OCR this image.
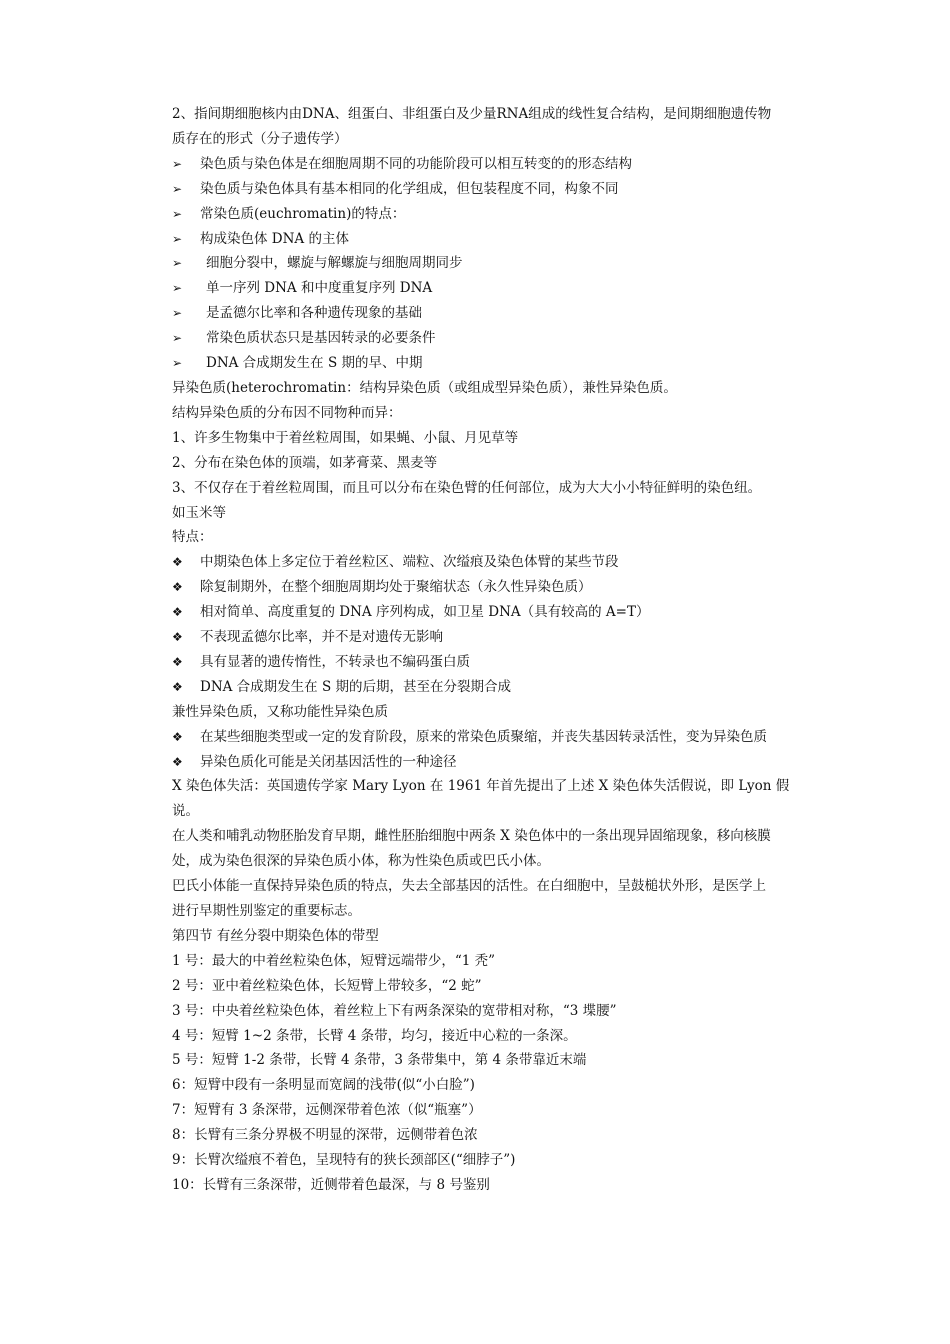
2、指间期细胞核内由DNA、组蛋白、非组蛋白及少量RNA组成的线性复合结构，是间期细胞遗传物

质存在的形式（分子遗传学）

➢ 染色质与染色体是在细胞周期不同的功能阶段可以相互转变的的形态结构

➢ 染色质与染色体具有基本相同的化学组成，但包装程度不同，构象不同

➢ 常染色质(euchromatin)的特点：

➢ 构成染色体 DNA 的主体

➢ 细胞分裂中，螺旋与解螺旋与细胞周期同步

➢ 单一序列 DNA 和中度重复序列 DNA

➢ 是孟德尔比率和各种遗传现象的基础

➢ 常染色质状态只是基因转录的必要条件

➢ DNA 合成期发生在 S 期的早、中期

异染色质(heterochromatin：结构异染色质（或组成型异染色质），兼性异染色质。

结构异染色质的分布因不同物种而异：

1、许多生物集中于着丝粒周围，如果蝇、小鼠、月见草等

2、分布在染色体的顶端，如茅膏菜、黑麦等

3、不仅存在于着丝粒周围，而且可以分布在染色臂的任何部位，成为大大小小特征鲜明的染色纽。

如玉米等

特点：

❖ 中期染色体上多定位于着丝粒区、端粒、次缢痕及染色体臂的某些节段

❖ 除复制期外，在整个细胞周期均处于聚缩状态（永久性异染色质）

❖ 相对简单、高度重复的 DNA 序列构成，如卫星 DNA（具有较高的 A=T）

❖ 不表现孟德尔比率，并不是对遗传无影响

❖ 具有显著的遗传惰性，不转录也不编码蛋白质

❖ DNA 合成期发生在 S 期的后期，甚至在分裂期合成

兼性异染色质，又称功能性异染色质

❖ 在某些细胞类型或一定的发育阶段，原来的常染色质聚缩，并丧失基因转录活性，变为异染色质

❖ 异染色质化可能是关闭基因活性的一种途径

X 染色体失活：英国遗传学家 Mary Lyon 在 1961 年首先提出了上述 X 染色体失活假说，即 Lyon 假

说。

在人类和哺乳动物胚胎发育早期，雌性胚胎细胞中两条 X 染色体中的一条出现异固缩现象，移向核膜

处，成为染色很深的异染色质小体，称为性染色质或巴氏小体。

巴氏小体能一直保持异染色质的特点，失去全部基因的活性。在白细胞中，呈鼓槌状外形，是医学上

进行早期性别鉴定的重要标志。

第四节 有丝分裂中期染色体的带型

1 号：最大的中着丝粒染色体，短臂远端带少，“1 秃”

2 号：亚中着丝粒染色体，长短臂上带较多，“2 蛇”

3 号：中央着丝粒染色体，着丝粒上下有两条深染的宽带相对称，“3 堞腰”

4 号：短臂 1~2 条带，长臂 4 条带，均匀，接近中心粒的一条深。

5 号：短臂 1-2 条带，长臂 4 条带，3 条带集中，第 4 条带靠近末端

6：短臂中段有一条明显而宽阔的浅带(似“小白脸”)

7：短臂有 3 条深带，远侧深带着色浓（似“瓶塞”）

8：长臂有三条分界极不明显的深带，远侧带着色浓

9：长臂次缢痕不着色，呈现特有的狭长颈部区(“细脖子”)

10：长臂有三条深带，近侧带着色最深，与 8 号鉴别
